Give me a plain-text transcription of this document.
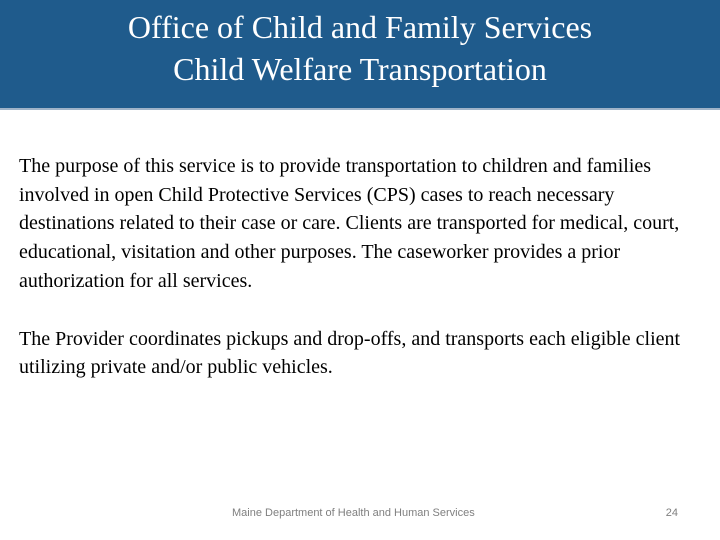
Office of Child and Family Services
Child Welfare Transportation

The purpose of this service is to provide transportation to children and families involved in open Child Protective Services (CPS) cases to reach necessary destinations related to their case or care. Clients are transported for medical, court, educational, visitation and other purposes. The caseworker provides a prior authorization for all services.

The Provider coordinates pickups and drop-offs, and transports each eligible client utilizing private and/or public vehicles.

Maine Department of Health and Human Services	24
